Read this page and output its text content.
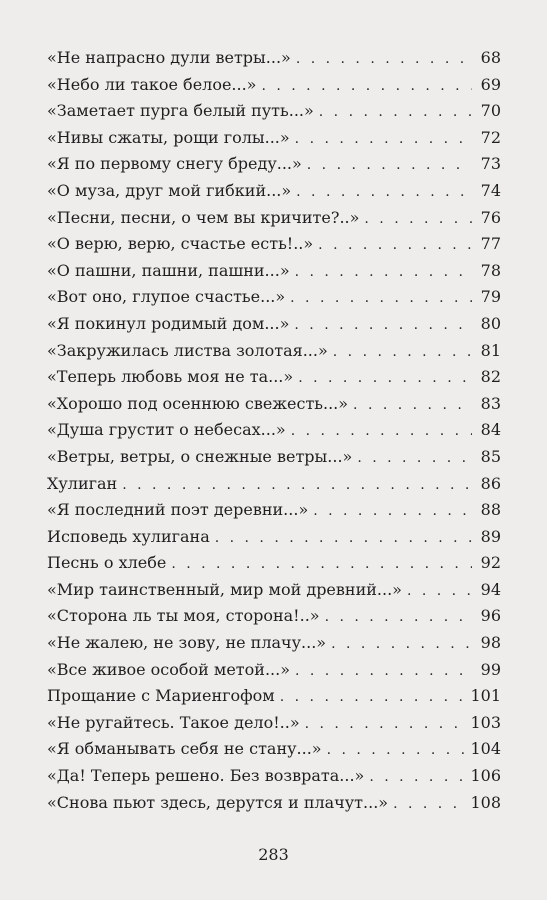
«Не напрасно дули ветры...» . . .	68
«Небо ли такое белое...» . . .	69
«Заметает пурга белый путь...» . . .	70
«Нивы сжаты, рощи голы...» . . .	72
«Я по первому снегу бреду...» . . .	73
«О муза, друг мой гибкий...» . . .	74
«Песни, песни, о чем вы кричите?..» . . .	76
«О верю, верю, счастье есть!..» . . .	77
«О пашни, пашни, пашни...» . . .	78
«Вот оно, глупое счастье...» . . .	79
«Я покинул родимый дом...» . . .	80
«Закружилась листва золотая...» . . .	81
«Теперь любовь моя не та...» . . .	82
«Хорошо под осеннюю свежесть...» . . .	83
«Душа грустит о небесах...» . . .	84
«Ветры, ветры, о снежные ветры...» . . .	85
Хулиган . . .	86
«Я последний поэт деревни...» . . .	88
Исповедь хулигана . . .	89
Песнь о хлебе . . .	92
«Мир таинственный, мир мой древний...» . . .	94
«Сторона ль ты моя, сторона!..» . . .	96
«Не жалею, не зову, не плачу...» . . .	98
«Все живое особой метой...» . . .	99
Прощание с Мариенгофом . . .	101
«Не ругайтесь. Такое дело!..» . . .	103
«Я обманывать себя не стану...» . . .	104
«Да! Теперь решено. Без возврата...» . . .	106
«Снова пьют здесь, дерутся и плачут...» . . .	108
283
